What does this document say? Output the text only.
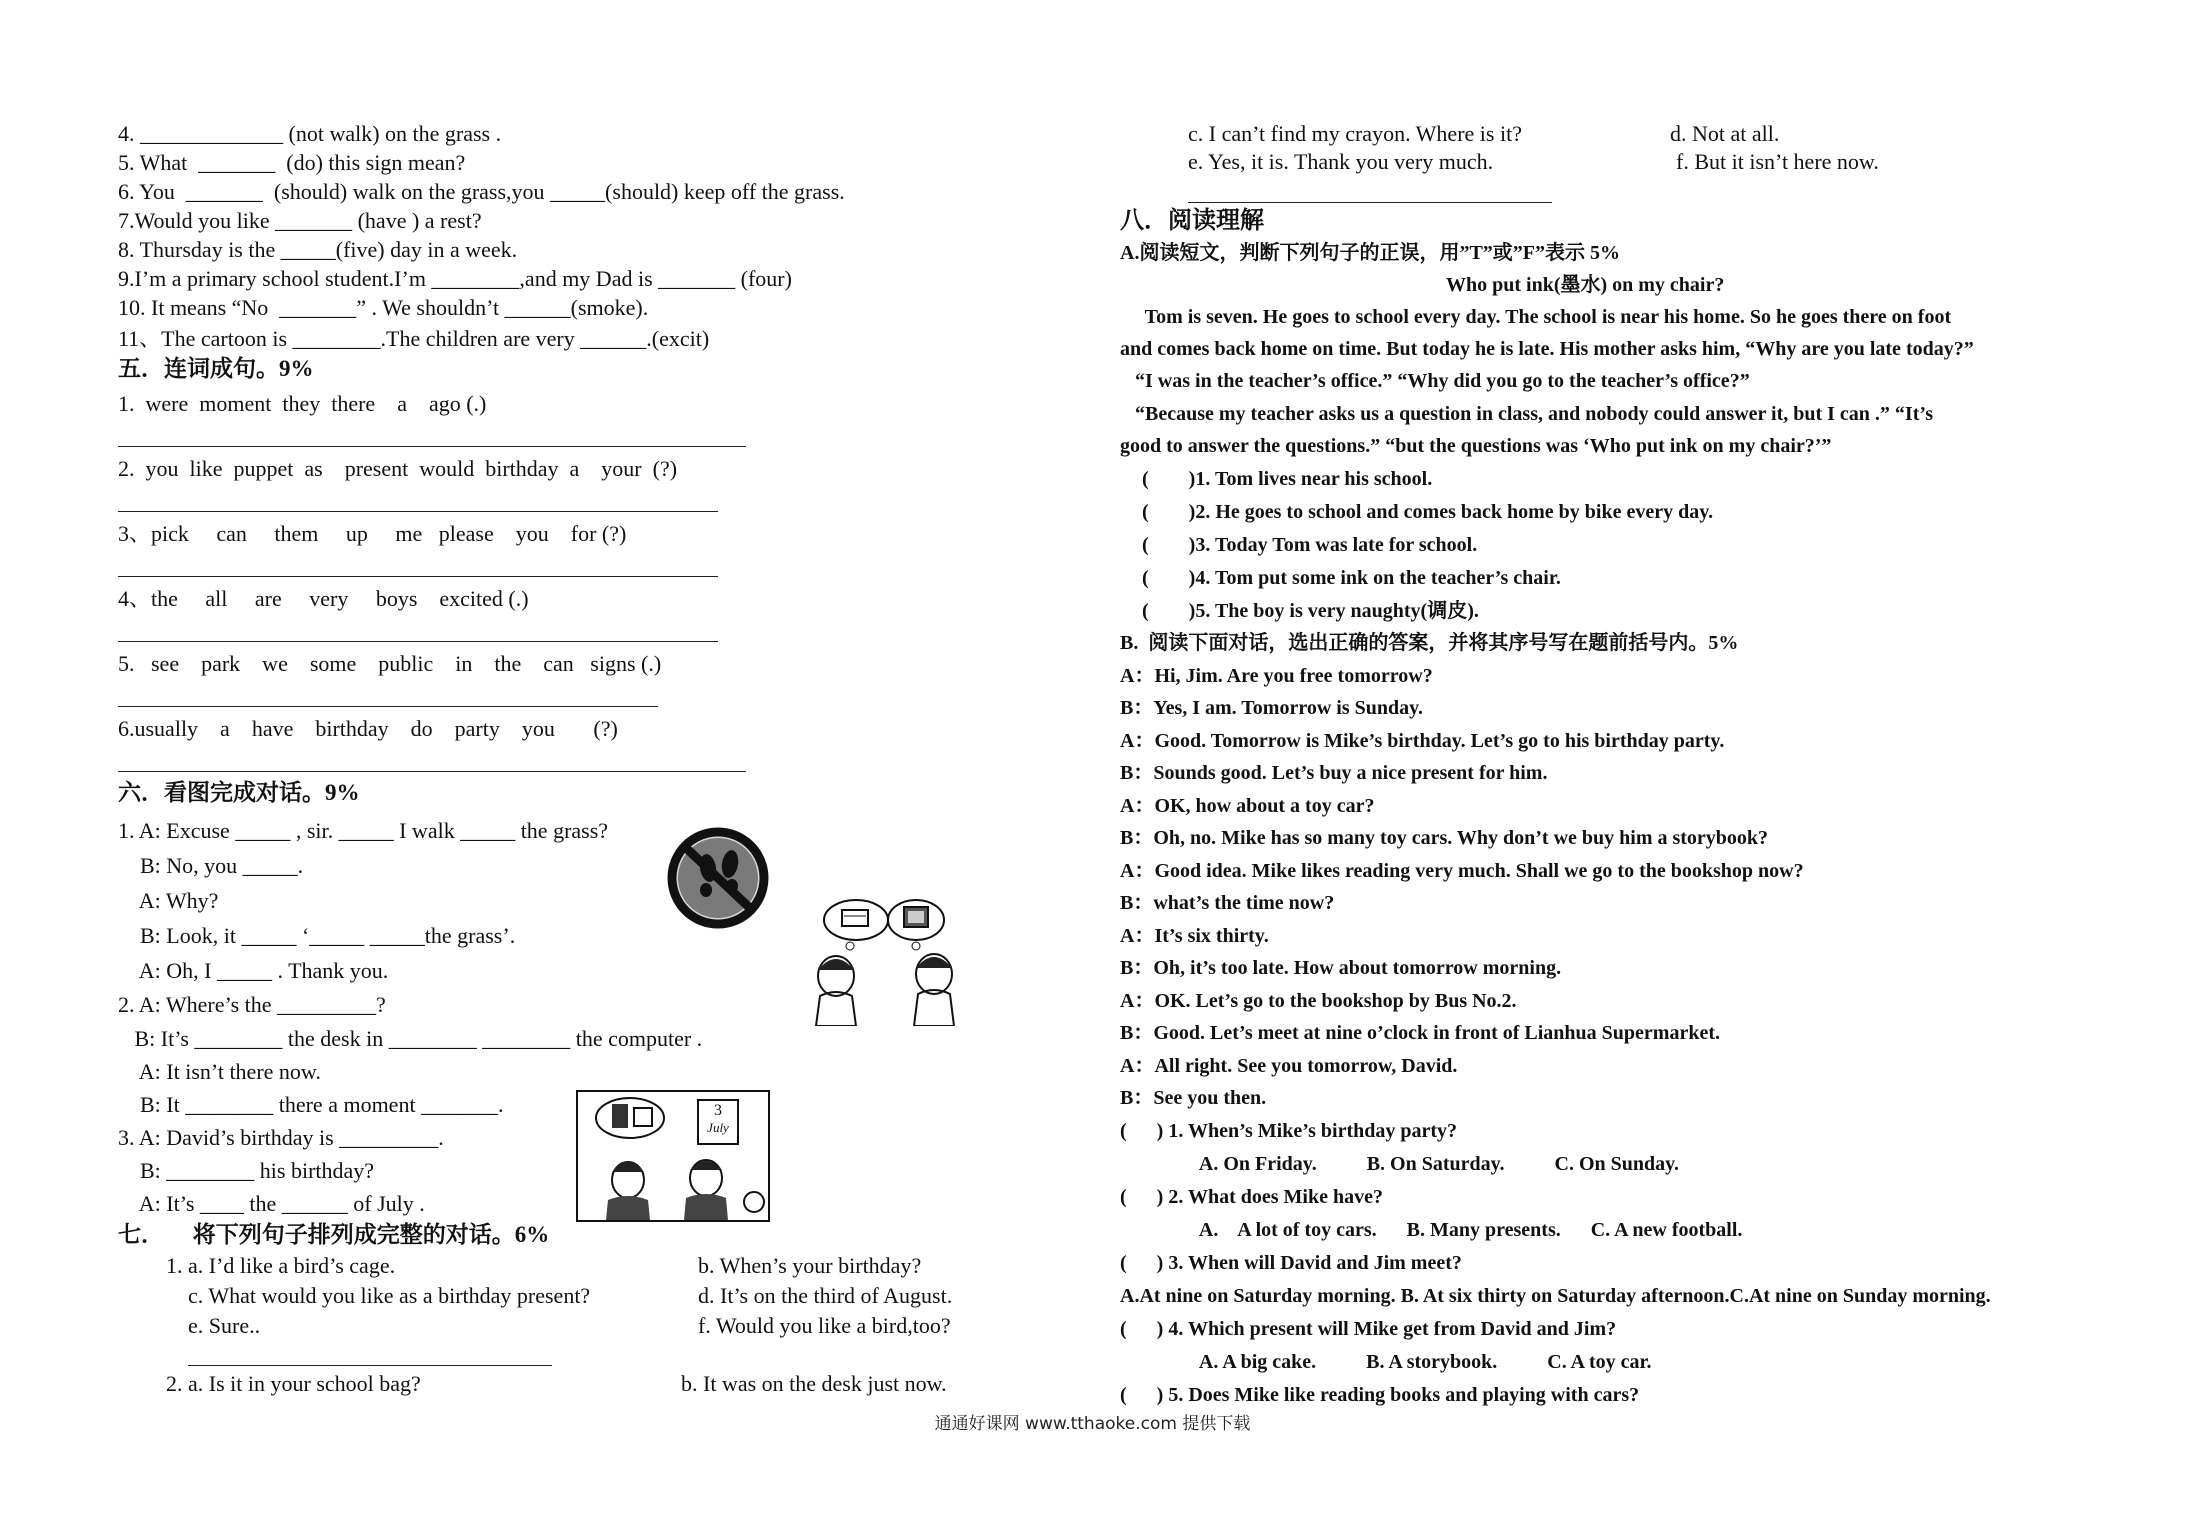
4. _____________ (not walk) on the grass .
5. What  _______  (do) this sign mean?
6. You  _______  (should) walk on the grass,you _____(should) keep off the grass.
7.Would you like _______ (have ) a rest?
8. Thursday is the _____(five) day in a week.
9.I’m a primary school student.I’m ________,and my Dad is _______ (four)
10. It means “No  _______” . We shouldn’t ______(smoke).
11、The cartoon is ________.The children are very ______.(excit)
五．连词成句。9%
1.  were  moment  they  there    a    ago (.)
2.  you  like  puppet  as    present  would  birthday  a    your  (?)
3、pick     can     them     up     me   please    you    for (?)
4、the     all     are     very     boys    excited (.)
5.   see    park    we    some    public    in    the    can   signs (.)
6.usually    a    have    birthday    do    party    you       (?)
六．看图完成对话。9%
1. A: Excuse _____ , sir. _____ I walk _____ the grass?
B: No, you _____.
A: Why?
B: Look, it _____ ‘_____ _____the grass’.
A: Oh, I _____ . Thank you.
2. A: Where’s the _________?
B: It’s ________ the desk in ________ ________ the computer .
A: It isn’t there now.
B: It ________ there a moment _______.
3. A: David’s birthday is _________.
B: ________ his birthday?
A: It’s ____ the ______ of July .
3
July
七．     将下列句子排列成完整的对话。6%
1. a. I’d like a bird’s cage.	b. When’s your birthday?
c. What would you like as a birthday present?	d. It’s on the third of August.
e. Sure..	f. Would you like a bird,too?
2. a. Is it in your school bag?	b. It was on the desk just now.
c. I can’t find my crayon. Where is it?	d. Not at all.
e. Yes, it is. Thank you very much.	f. But it isn’t here now.
八．阅读理解
A.阅读短文，判断下列句子的正误，用”T”或”F”表示 5%
Who put ink(墨水) on my chair?
Tom is seven. He goes to school every day. The school is near his home. So he goes there on foot
and comes back home on time. But today he is late. His mother asks him, “Why are you late today?”
“I was in the teacher’s office.” “Why did you go to the teacher’s office?”
“Because my teacher asks us a question in class, and nobody could answer it, but I can .” “It’s
good to answer the questions.” “but the questions was ‘Who put ink on my chair?’”
(        )1. Tom lives near his school.
(        )2. He goes to school and comes back home by bike every day.
(        )3. Today Tom was late for school.
(        )4. Tom put some ink on the teacher’s chair.
(        )5. The boy is very naughty(调皮).
B.  阅读下面对话，选出正确的答案，并将其序号写在题前括号内。5%
A：Hi, Jim. Are you free tomorrow?
B：Yes, I am. Tomorrow is Sunday.
A：Good. Tomorrow is Mike’s birthday. Let’s go to his birthday party.
B：Sounds good. Let’s buy a nice present for him.
A：OK, how about a toy car?
B：Oh, no. Mike has so many toy cars. Why don’t we buy him a storybook?
A：Good idea. Mike likes reading very much. Shall we go to the bookshop now?
B：what’s the time now?
A：It’s six thirty.
B：Oh, it’s too late. How about tomorrow morning.
A：OK. Let’s go to the bookshop by Bus No.2.
B：Good. Let’s meet at nine o’clock in front of Lianhua Supermarket.
A：All right. See you tomorrow, David.
B：See you then.
(      ) 1. When’s Mike’s birthday party?
A. On Friday.          B. On Saturday.          C. On Sunday.
(      ) 2. What does Mike have?
A.    A lot of toy cars.      B. Many presents.      C. A new football.
(      ) 3. When will David and Jim meet?
A.At nine on Saturday morning. B. At six thirty on Saturday afternoon.C.At nine on Sunday morning.
(      ) 4. Which present will Mike get from David and Jim?
A. A big cake.          B. A storybook.          C. A toy car.
(      ) 5. Does Mike like reading books and playing with cars?
通通好课网 www.tthaoke.com 提供下载
